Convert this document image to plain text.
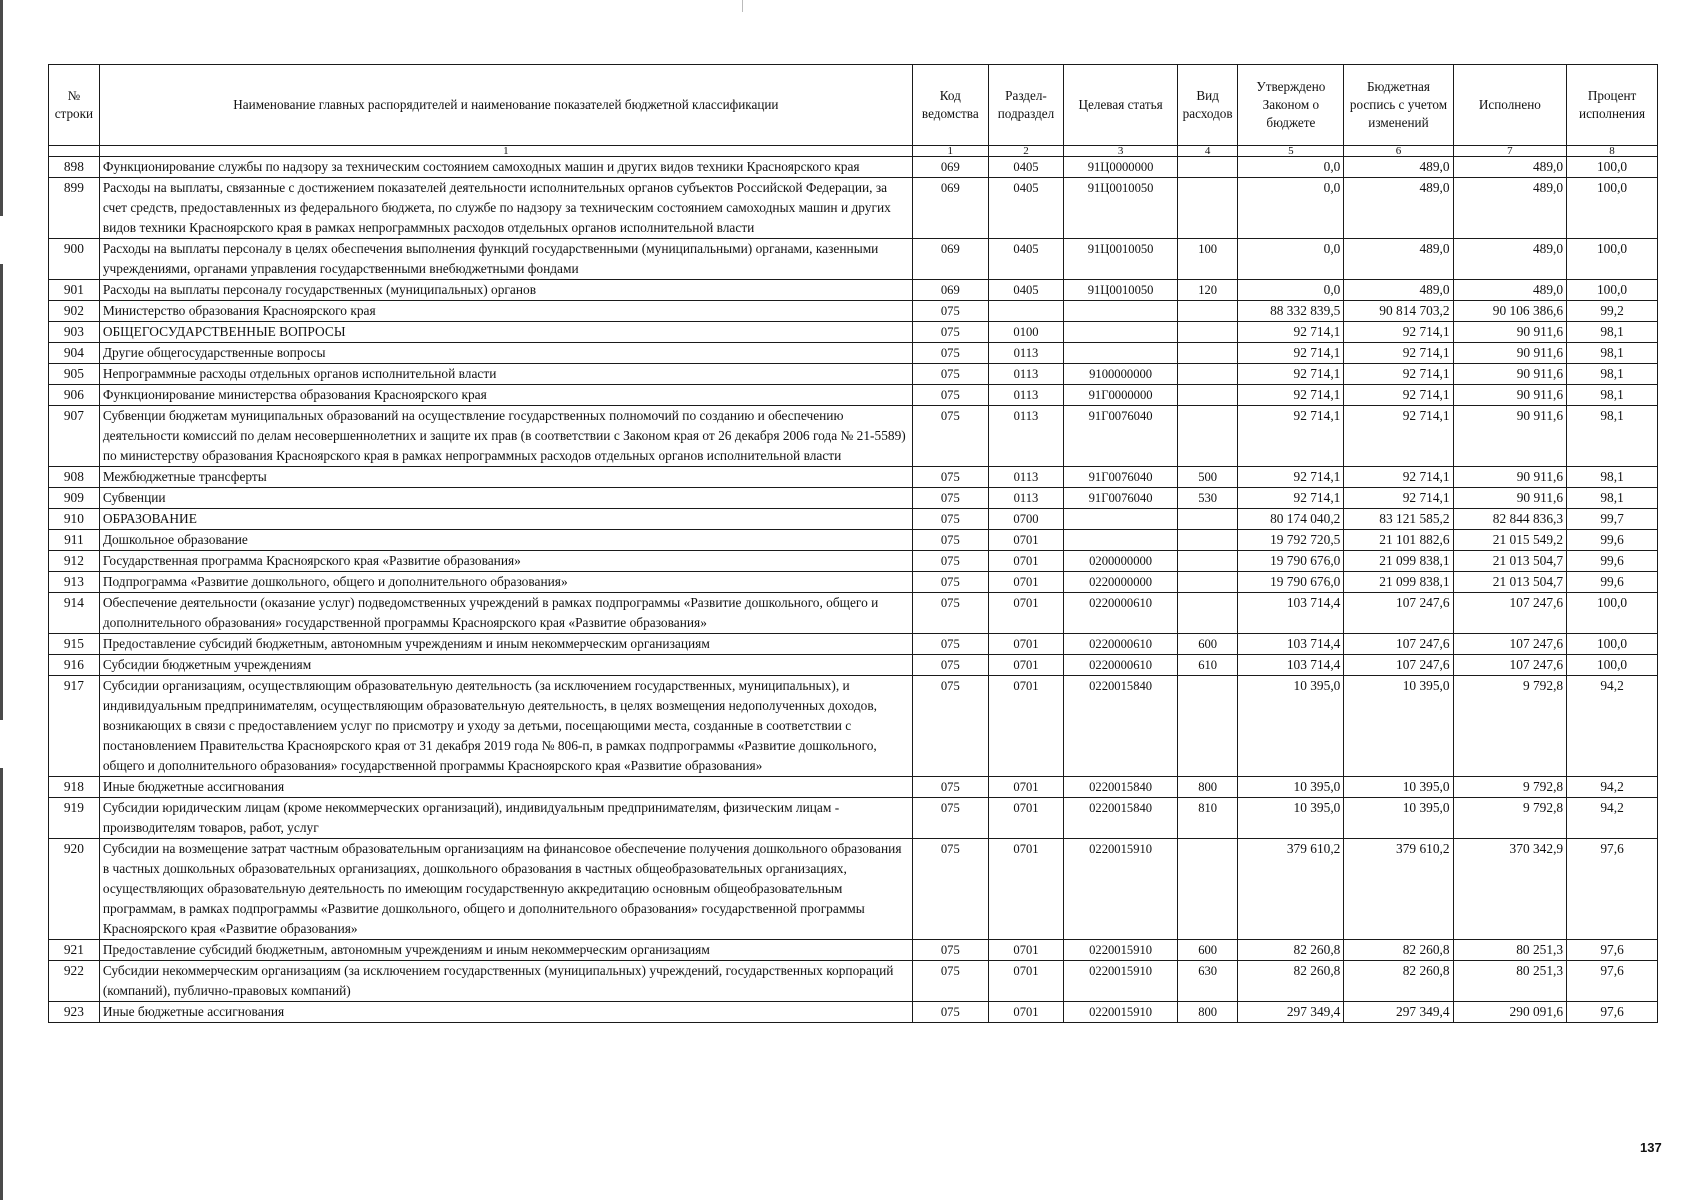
№ строки	Наименование главных распорядителей и наименование показателей бюджетной классификации	Код ведомства	Раздел-подраздел	Целевая статья	Вид расходов	Утверждено Законом о бюджете	Бюджетная роспись с учетом изменений	Исполнено	Процент исполнения
	1	1	2	3	4	5	6	7	8
898	Функционирование службы по надзору за техническим состоянием самоходных машин и других видов техники Красноярского края	069	0405	91Ц0000000		0,0	489,0	489,0	100,0
899	Расходы на выплаты, связанные с достижением показателей деятельности исполнительных органов субъектов Российской Федерации, за счет средств, предоставленных из федерального бюджета, по службе по надзору за техническим состоянием самоходных машин и других видов техники Красноярского края в рамках непрограммных расходов отдельных органов исполнительной власти	069	0405	91Ц0010050		0,0	489,0	489,0	100,0
900	Расходы на выплаты персоналу в целях обеспечения выполнения функций государственными (муниципальными) органами, казенными учреждениями, органами управления государственными внебюджетными фондами	069	0405	91Ц0010050	100	0,0	489,0	489,0	100,0
901	Расходы на выплаты персоналу государственных (муниципальных) органов	069	0405	91Ц0010050	120	0,0	489,0	489,0	100,0
902	Министерство образования Красноярского края	075				88 332 839,5	90 814 703,2	90 106 386,6	99,2
903	ОБЩЕГОСУДАРСТВЕННЫЕ ВОПРОСЫ	075	0100			92 714,1	92 714,1	90 911,6	98,1
904	Другие общегосударственные вопросы	075	0113			92 714,1	92 714,1	90 911,6	98,1
905	Непрограммные расходы отдельных органов исполнительной власти	075	0113	9100000000		92 714,1	92 714,1	90 911,6	98,1
906	Функционирование министерства образования Красноярского края	075	0113	91Г0000000		92 714,1	92 714,1	90 911,6	98,1
907	Субвенции бюджетам муниципальных образований на осуществление государственных полномочий по созданию и обеспечению деятельности комиссий по делам несовершеннолетних и защите их прав (в соответствии с Законом края от 26 декабря 2006 года № 21-5589) по министерству образования Красноярского края в рамках непрограммных расходов отдельных органов исполнительной власти	075	0113	91Г0076040		92 714,1	92 714,1	90 911,6	98,1
908	Межбюджетные трансферты	075	0113	91Г0076040	500	92 714,1	92 714,1	90 911,6	98,1
909	Субвенции	075	0113	91Г0076040	530	92 714,1	92 714,1	90 911,6	98,1
910	ОБРАЗОВАНИЕ	075	0700			80 174 040,2	83 121 585,2	82 844 836,3	99,7
911	Дошкольное образование	075	0701			19 792 720,5	21 101 882,6	21 015 549,2	99,6
912	Государственная программа Красноярского края «Развитие образования»	075	0701	0200000000		19 790 676,0	21 099 838,1	21 013 504,7	99,6
913	Подпрограмма «Развитие дошкольного, общего и дополнительного образования»	075	0701	0220000000		19 790 676,0	21 099 838,1	21 013 504,7	99,6
914	Обеспечение деятельности (оказание услуг) подведомственных учреждений в рамках подпрограммы «Развитие дошкольного, общего и дополнительного образования» государственной программы Красноярского края «Развитие образования»	075	0701	0220000610		103 714,4	107 247,6	107 247,6	100,0
915	Предоставление субсидий бюджетным, автономным учреждениям и иным некоммерческим организациям	075	0701	0220000610	600	103 714,4	107 247,6	107 247,6	100,0
916	Субсидии бюджетным учреждениям	075	0701	0220000610	610	103 714,4	107 247,6	107 247,6	100,0
917	Субсидии организациям, осуществляющим образовательную деятельность (за исключением государственных, муниципальных), и индивидуальным предпринимателям, осуществляющим образовательную деятельность, в целях возмещения недополученных доходов, возникающих в связи с предоставлением услуг по присмотру и уходу за детьми, посещающими места, созданные в соответствии с постановлением Правительства Красноярского края от 31 декабря 2019 года № 806-п, в рамках подпрограммы «Развитие дошкольного, общего и дополнительного образования» государственной программы Красноярского края «Развитие образования»	075	0701	0220015840		10 395,0	10 395,0	9 792,8	94,2
918	Иные бюджетные ассигнования	075	0701	0220015840	800	10 395,0	10 395,0	9 792,8	94,2
919	Субсидии юридическим лицам (кроме некоммерческих организаций), индивидуальным предпринимателям, физическим лицам - производителям товаров, работ, услуг	075	0701	0220015840	810	10 395,0	10 395,0	9 792,8	94,2
920	Субсидии на возмещение затрат частным образовательным организациям на финансовое обеспечение получения дошкольного образования в частных дошкольных образовательных организациях, дошкольного образования в частных общеобразовательных организациях, осуществляющих образовательную деятельность по имеющим государственную аккредитацию основным общеобразовательным программам, в рамках подпрограммы «Развитие дошкольного, общего и дополнительного образования» государственной программы Красноярского края «Развитие образования»	075	0701	0220015910		379 610,2	379 610,2	370 342,9	97,6
921	Предоставление субсидий бюджетным, автономным учреждениям и иным некоммерческим организациям	075	0701	0220015910	600	82 260,8	82 260,8	80 251,3	97,6
922	Субсидии некоммерческим организациям (за исключением государственных (муниципальных) учреждений, государственных корпораций (компаний), публично-правовых компаний)	075	0701	0220015910	630	82 260,8	82 260,8	80 251,3	97,6
923	Иные бюджетные ассигнования	075	0701	0220015910	800	297 349,4	297 349,4	290 091,6	97,6
137
